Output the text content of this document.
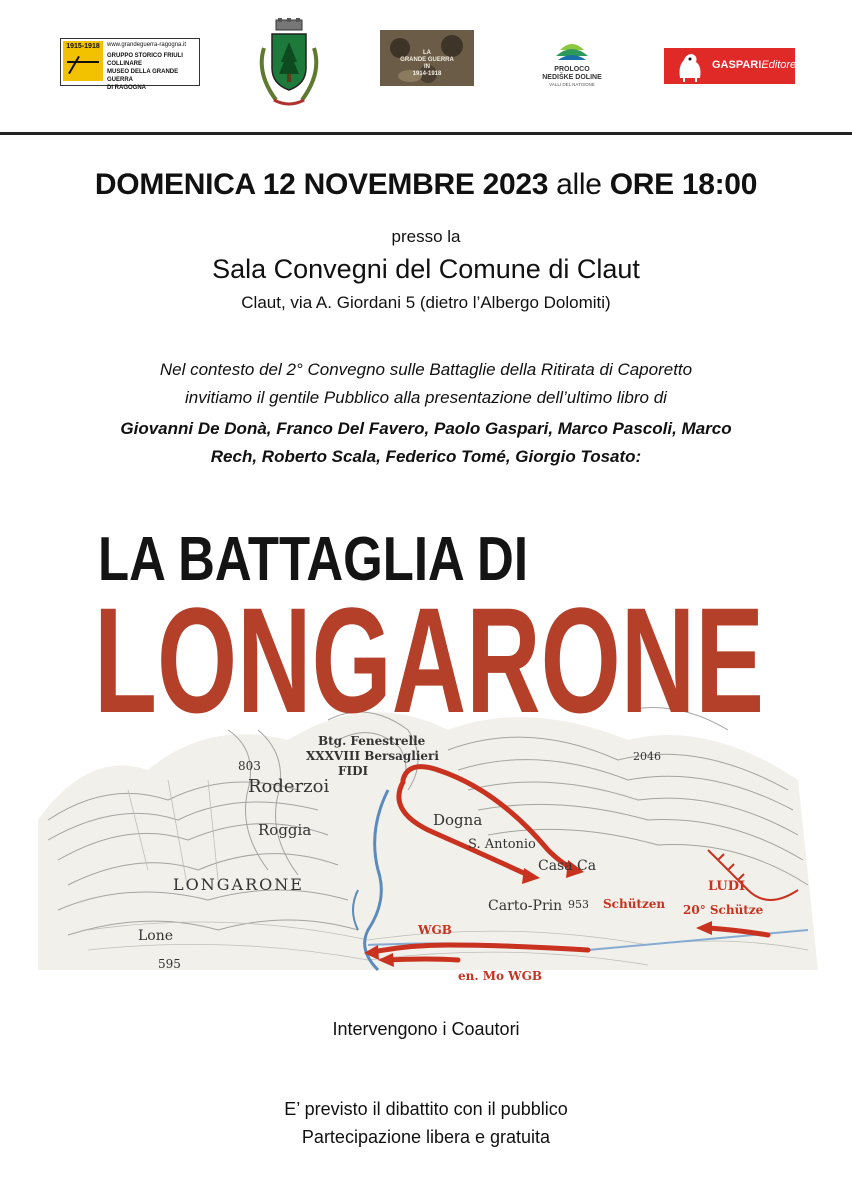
1915-1918	www.grandeguerra-ragogna.it
GRUPPO STORICO FRIULI COLLINARE
MUSEO DELLA GRANDE GUERRA
DI RAGOGNA
LA
GRANDE GUERRA
IN
1914-1918
PROLOCO
NEDIŠKE DOLINE
VALLI DEL NATISONE
GASPARIEditore
DOMENICA 12 NOVEMBRE 2023 alle ORE 18:00
presso la
Sala Convegni del Comune di Claut
Claut, via A. Giordani 5 (dietro l’Albergo Dolomiti)
Nel contesto del 2° Convegno sulle Battaglie della Ritirata di Caporetto
invitiamo il gentile Pubblico alla presentazione dell’ultimo libro di
Giovanni De Donà, Franco Del Favero, Paolo Gaspari, Marco Pascoli, Marco Rech, Roberto Scala, Federico Tomé, Giorgio Tosato:
Btg. Fenestrelle
XXXVIII Bersaglieri
FIDI
803
Roderzoi
Roggia
Dogna
S. Antonio
Casa Ca
LONGARONE
Lone
595
Carto-Prin
2046
953
WGB
en. Mo WGB
Schützen 20° Schütze
LUDI
LA BATTAGLIA DI
LONGARONE
Intervengono i Coautori
E’ previsto il dibattito con il pubblico
Partecipazione libera e gratuita
